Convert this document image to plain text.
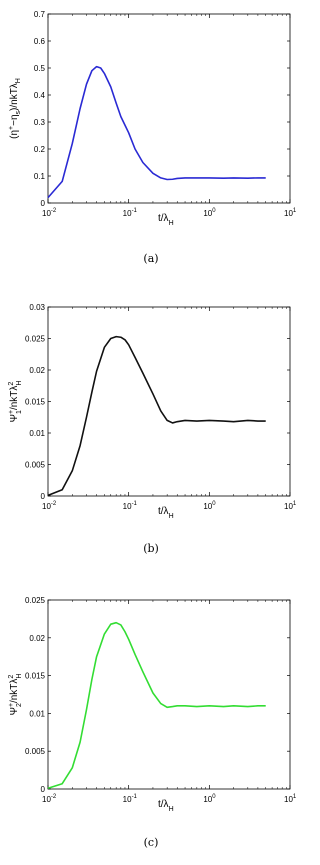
0
0.1
0.2
0.3
0.4
0.5
0.6
0.7
$10^{-2}$	$10^{-1}$	$10^0$	$10^1$
$t/\lambda_H$
$(\eta^+-\eta_s)/nkT\lambda_H$
(a)
0
0.005
0.01
0.015
0.02
0.025
0.03
$10^{-2}$	$10^{-1}$	$10^0$	$10^1$
$t/\lambda_H$
Ψ+1/nkTλ$^2$H
(b)
0
0.005
0.01
0.015
0.02
0.025
$10^{-2}$	$10^{-1}$	$10^0$	$10^1$
$t/\lambda_H$
Ψ+2/nkTλ$^2$H
(c)
